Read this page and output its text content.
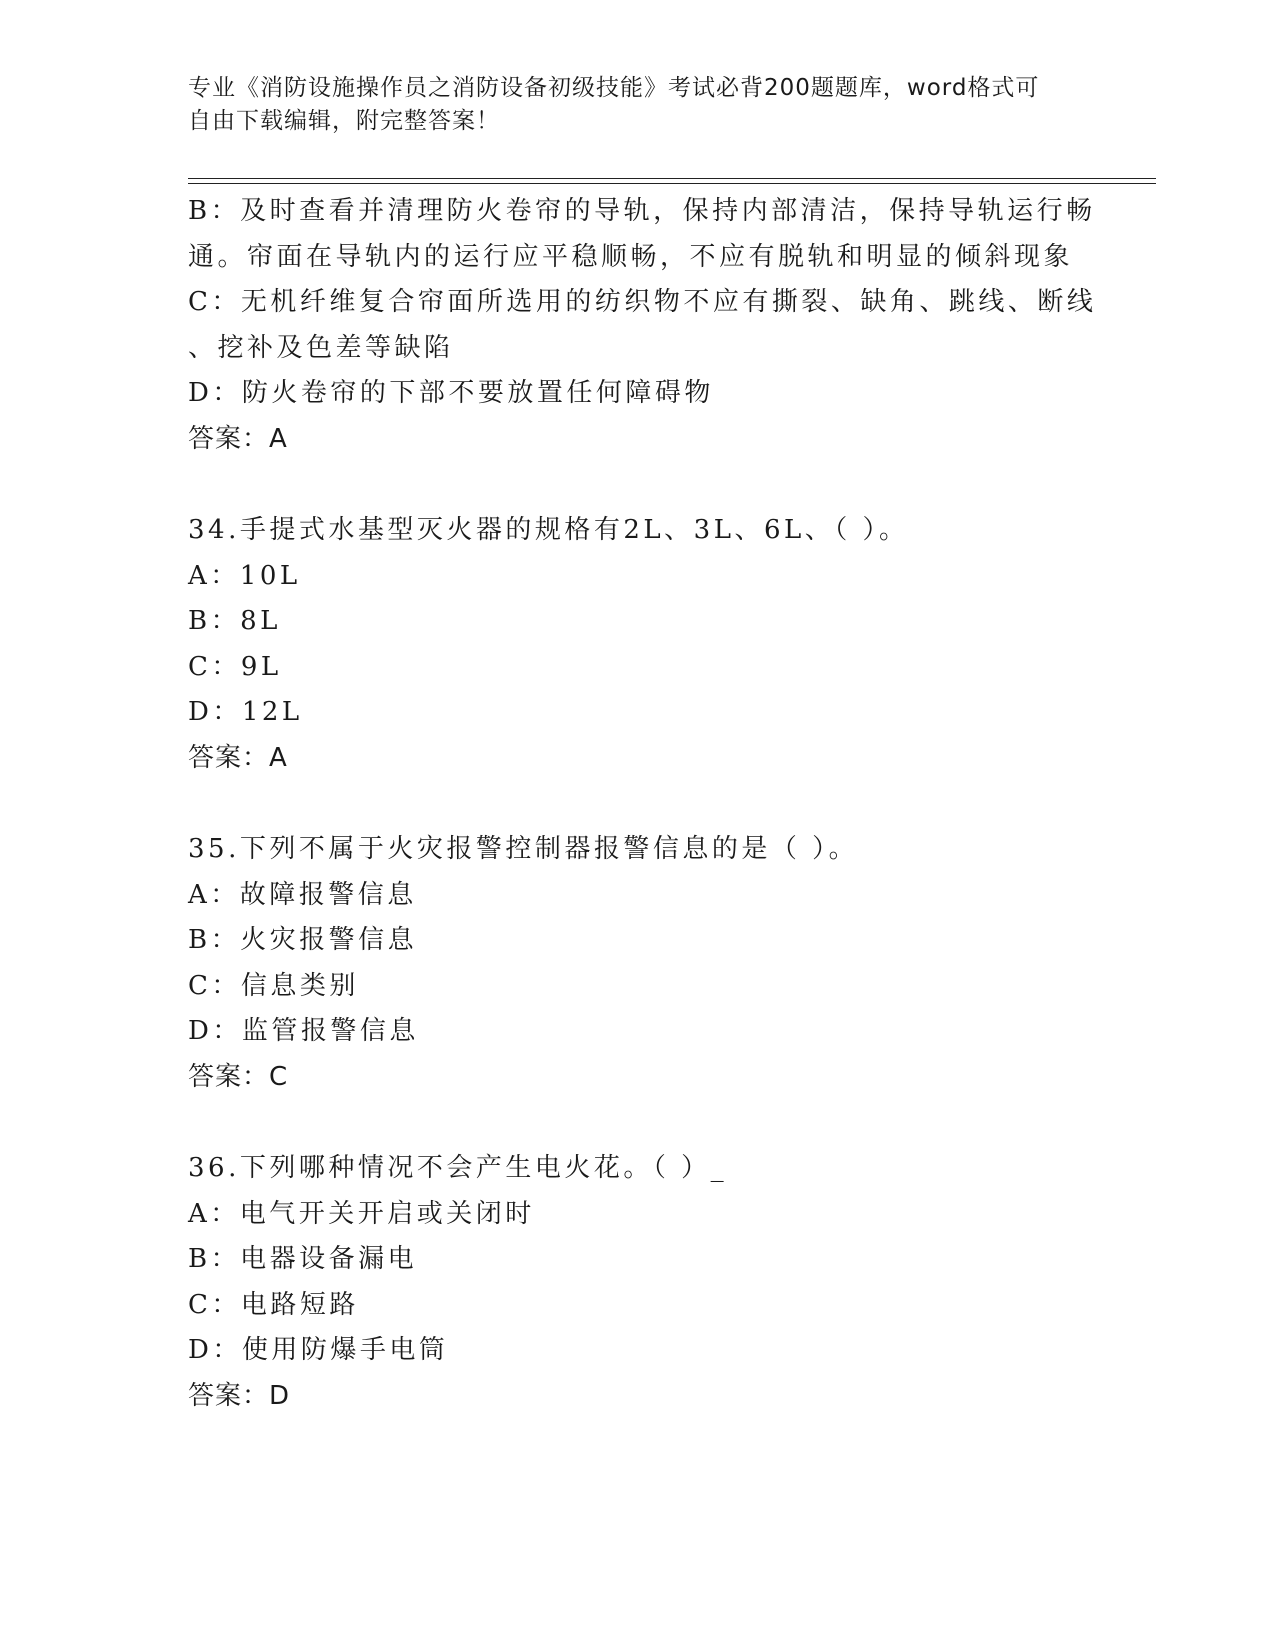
专业《消防设施操作员之消防设备初级技能》考试必背200题题库，word格式可
自由下载编辑，附完整答案！
B：及时查看并清理防火卷帘的导轨，保持内部清洁，保持导轨运行畅
通。帘面在导轨内的运行应平稳顺畅，不应有脱轨和明显的倾斜现象
C：无机纤维复合帘面所选用的纺织物不应有撕裂、缺角、跳线、断线
、挖补及色差等缺陷
D：防火卷帘的下部不要放置任何障碍物
答案：A
34.手提式水基型灭火器的规格有2L、3L、6L、（ ）。
A：10L
B：8L
C：9L
D：12L
答案：A
35.下列不属于火灾报警控制器报警信息的是（ ）。
A：故障报警信息
B：火灾报警信息
C：信息类别
D：监管报警信息
答案：C
36.下列哪种情况不会产生电火花。（ ）_
A：电气开关开启或关闭时
B：电器设备漏电
C：电路短路
D：使用防爆手电筒
答案：D
